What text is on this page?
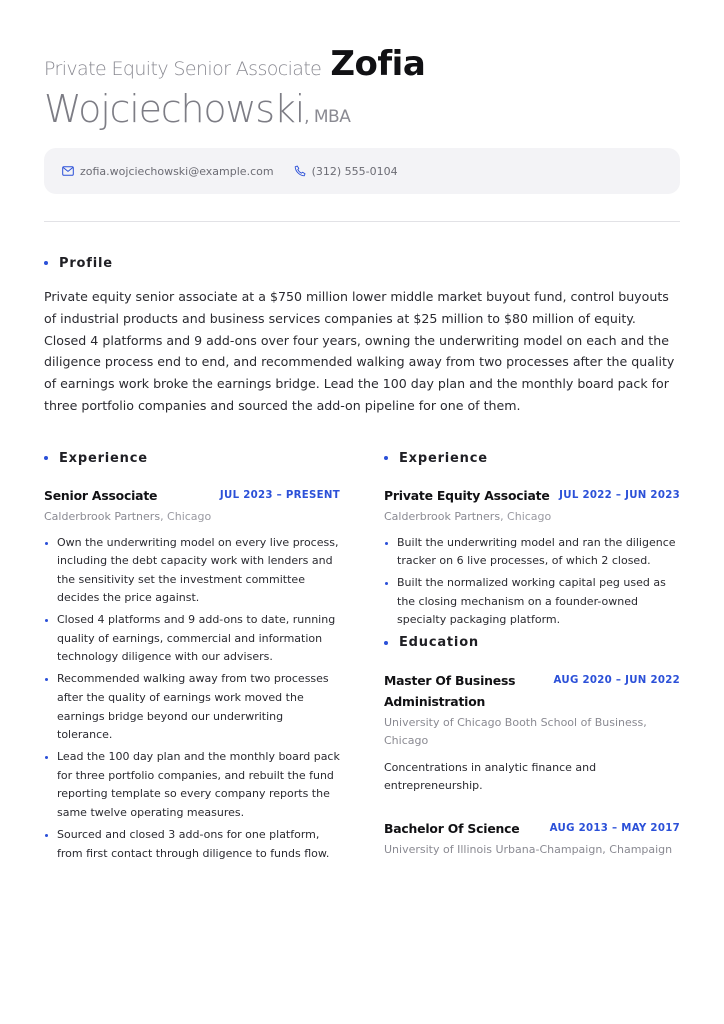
Private Equity Senior Associate Zofia
Wojciechowski, MBA
zofia.wojciechowski@example.com	(312) 555-0104
Profile

Private equity senior associate at a $750 million lower middle market buyout fund, control buyouts of industrial products and business services companies at $25 million to $80 million of equity. Closed 4 platforms and 9 add-ons over four years, owning the underwriting model on each and the diligence process end to end, and recommended walking away from two processes after the quality of earnings work broke the earnings bridge. Lead the 100 day plan and the monthly board pack for three portfolio companies and sourced the add-on pipeline for one of them.

Experience
Senior Associate	JUL 2023 – PRESENT
Calderbrook Partners, Chicago
Own the underwriting model on every live process, including the debt capacity work with lenders and the sensitivity set the investment committee decides the price against.
Closed 4 platforms and 9 add-ons to date, running quality of earnings, commercial and information technology diligence with our advisers.
Recommended walking away from two processes after the quality of earnings work moved the earnings bridge beyond our underwriting tolerance.
Lead the 100 day plan and the monthly board pack for three portfolio companies, and rebuilt the fund reporting template so every company reports the same twelve operating measures.
Sourced and closed 3 add-ons for one platform, from first contact through diligence to funds flow.
Experience
Private Equity Associate JUL 2022 – JUN 2023
Calderbrook Partners, Chicago
Built the underwriting model and ran the diligence tracker on 6 live processes, of which 2 closed.
Built the normalized working capital peg used as the closing mechanism on a founder-owned specialty packaging platform.
Education
Master Of Business Administration
AUG 2020 – JUN 2022
University of Chicago Booth School of Business, Chicago
Concentrations in analytic finance and entrepreneurship.
Bachelor Of Science	AUG 2013 – MAY 2017
University of Illinois Urbana-Champaign, Champaign
